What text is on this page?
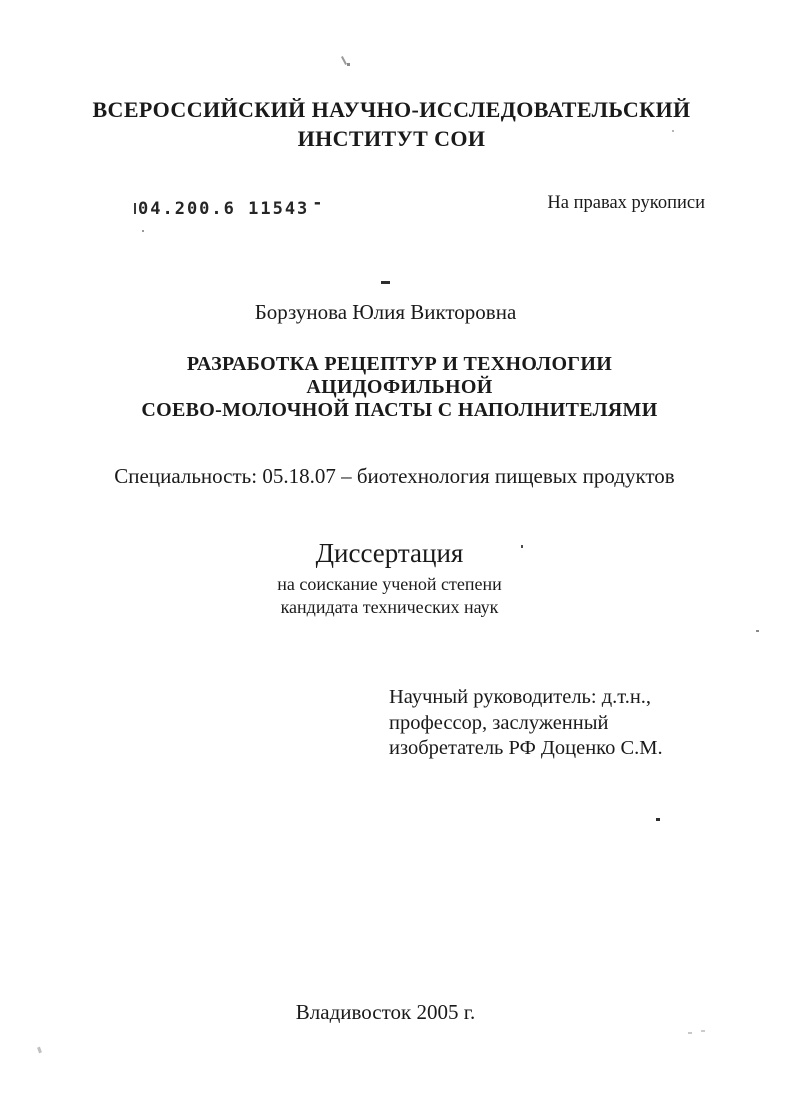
ВСЕРОССИЙСКИЙ НАУЧНО-ИССЛЕДОВАТЕЛЬСКИЙ
ИНСТИТУТ СОИ
04.200.6 11543 -	На правах рукописи
Борзунова Юлия Викторовна
РАЗРАБОТКА РЕЦЕПТУР И ТЕХНОЛОГИИ
АЦИДОФИЛЬНОЙ
СОЕВО-МОЛОЧНОЙ ПАСТЫ С НАПОЛНИТЕЛЯМИ
Специальность: 05.18.07 – биотехнология пищевых продуктов
Диссертация
на соискание ученой степени
кандидата технических наук
Научный руководитель: д.т.н.,
профессор, заслуженный
изобретатель РФ Доценко С.М.
Владивосток 2005 г.
